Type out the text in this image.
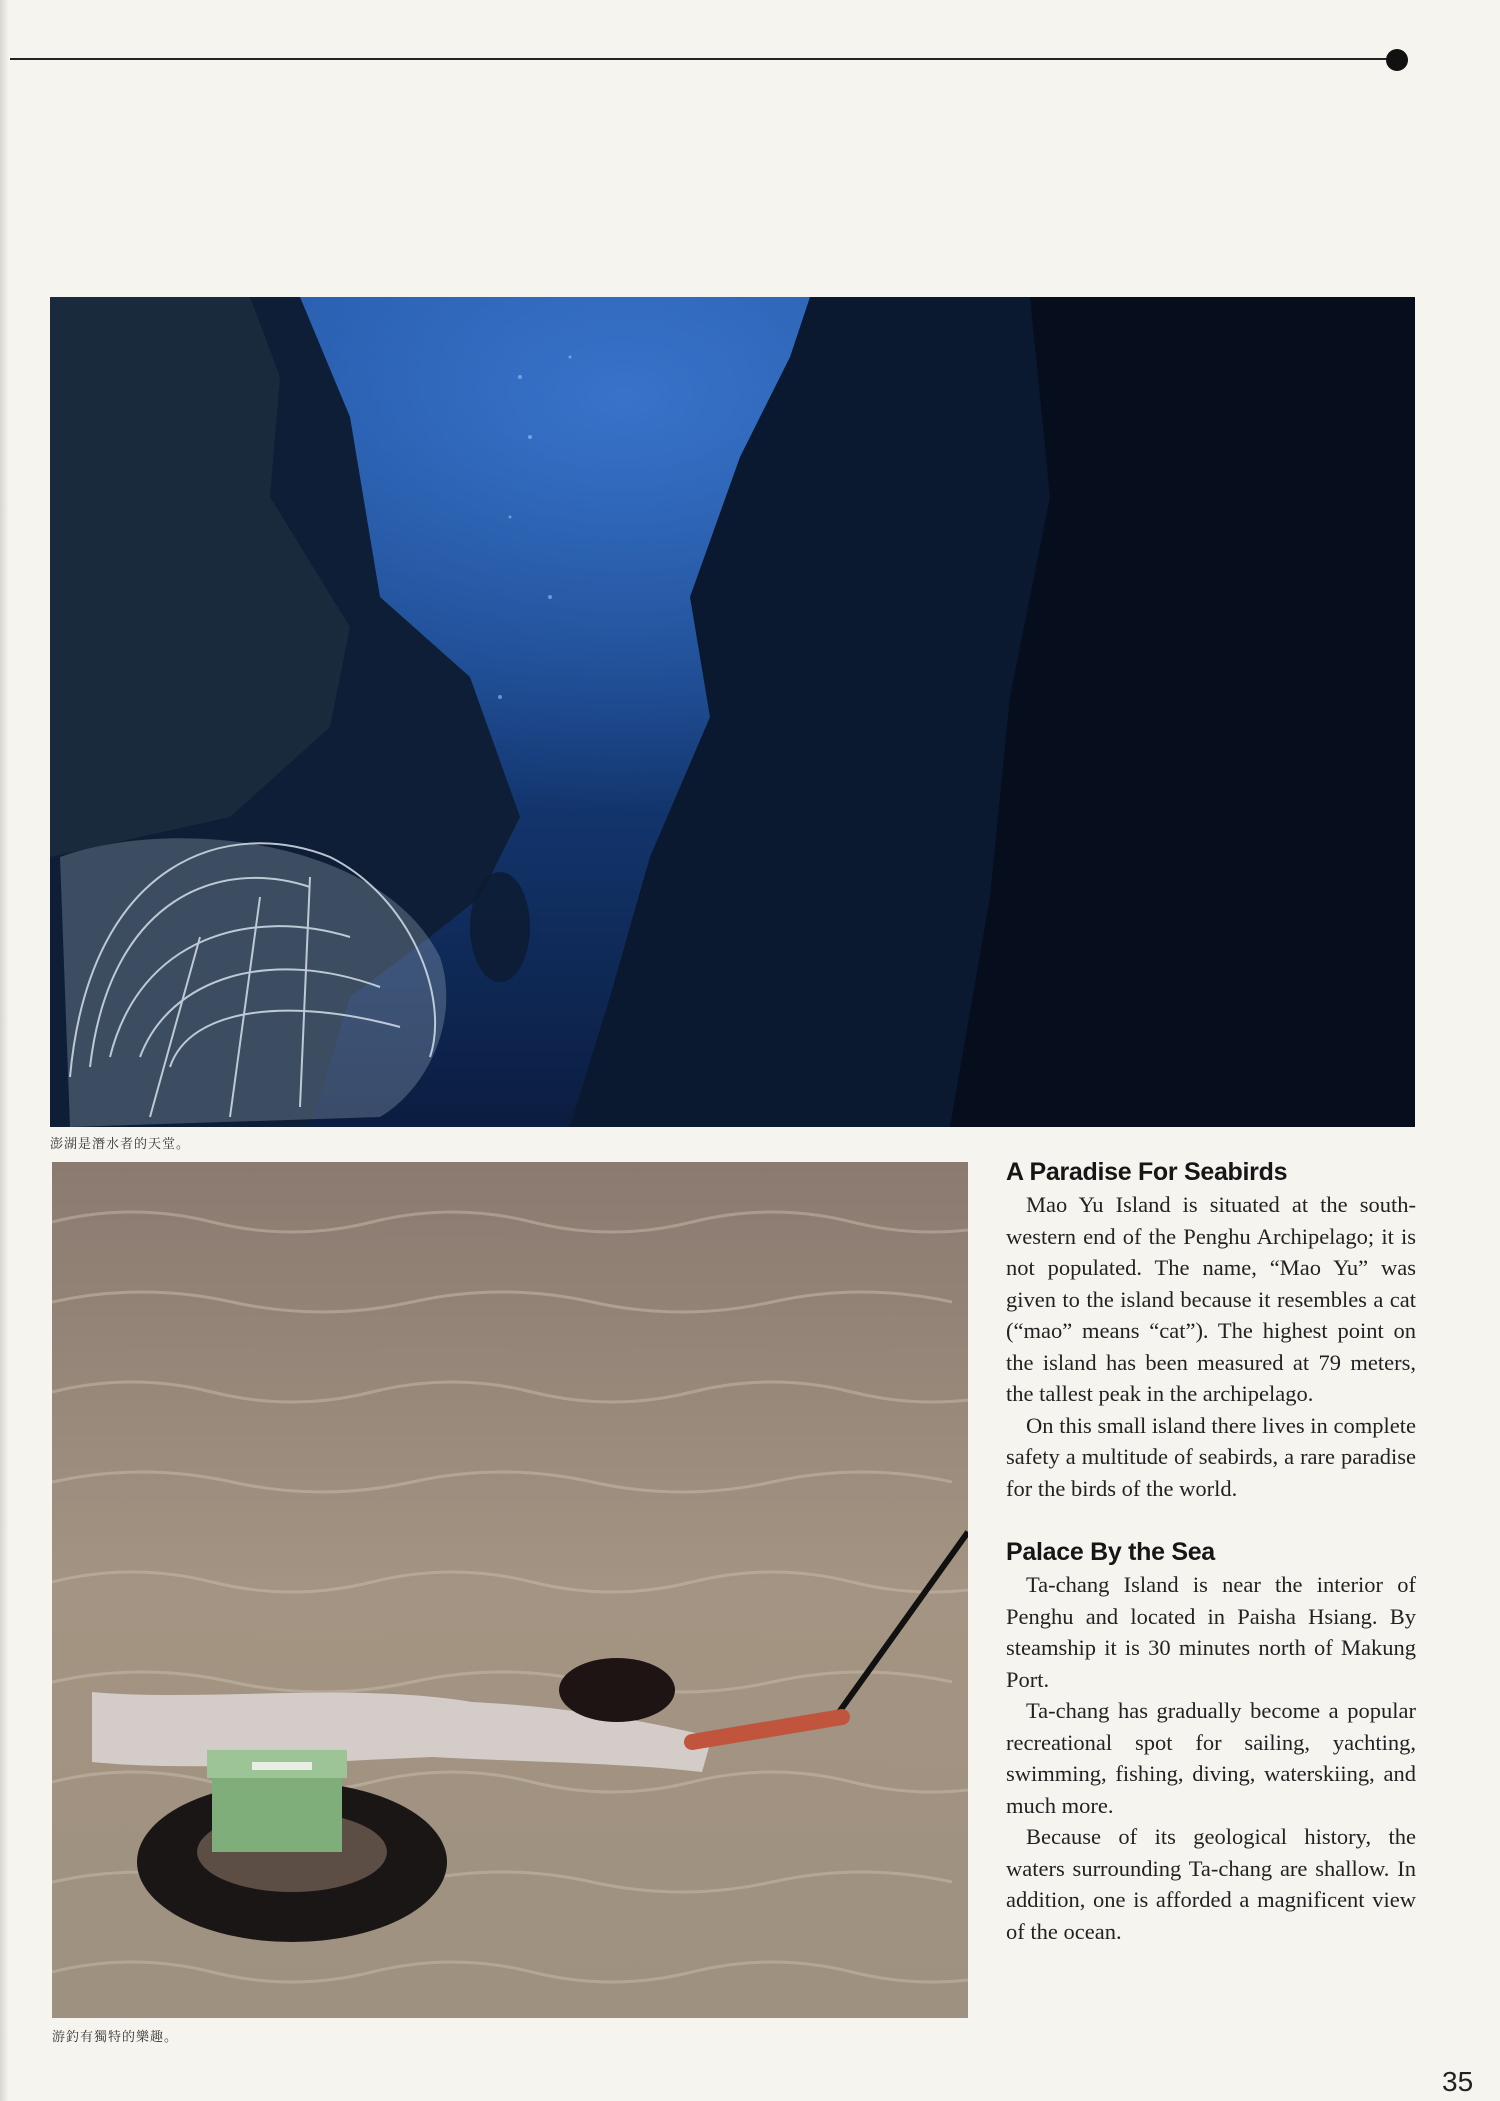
澎湖是潛水者的天堂。
游釣有獨特的樂趣。
A Paradise For Seabirds

Mao Yu Island is situated at the south-western end of the Penghu Archipelago; it is not populated. The name, “Mao Yu” was given to the island because it resembles a cat (“mao” means “cat”). The highest point on the island has been measured at 79 meters, the tallest peak in the archipelago.

On this small island there lives in complete safety a multitude of seabirds, a rare paradise for the birds of the world.

Palace By the Sea

Ta-chang Island is near the interior of Penghu and located in Paisha Hsiang. By steamship it is 30 minutes north of Makung Port.

Ta-chang has gradually become a popular recreational spot for sailing, yachting, swimming, fishing, diving, waterskiing, and much more.

Because of its geological history, the waters surrounding Ta-chang are shallow. In addition, one is afforded a magnificent view of the ocean.

35
